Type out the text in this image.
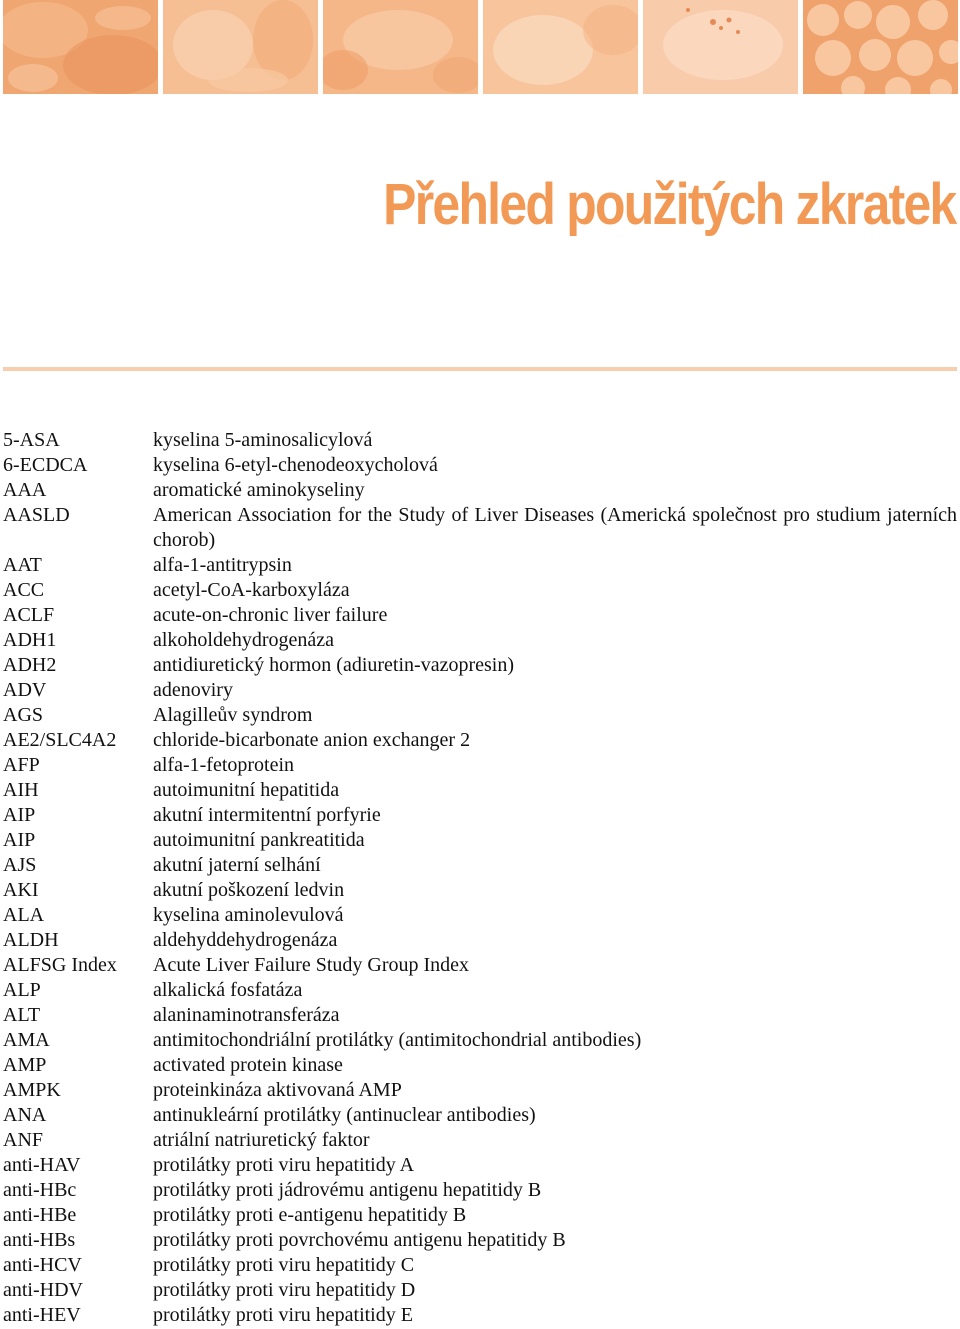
Přehled použitých zkratek
5-ASA	kyselina 5-aminosalicylová
6-ECDCA	kyselina 6-etyl-chenodeoxycholová
AAA	aromatické aminokyseliny
AASLD	American Association for the Study of Liver Diseases (Americká společnost pro studium jaterních chorob)
AAT	alfa-1-antitrypsin
ACC	acetyl-CoA-karboxyláza
ACLF	acute-on-chronic liver failure
ADH1	alkoholdehydrogenáza
ADH2	antidiuretický hormon (adiuretin-vazopresin)
ADV	adenoviry
AGS	Alagilleův syndrom
AE2/SLC4A2	chloride-bicarbonate anion exchanger 2
AFP	alfa-1-fetoprotein
AIH	autoimunitní hepatitida
AIP	akutní intermitentní porfyrie
AIP	autoimunitní pankreatitida
AJS	akutní jaterní selhání
AKI	akutní poškození ledvin
ALA	kyselina aminolevulová
ALDH	aldehyddehydrogenáza
ALFSG Index	Acute Liver Failure Study Group Index
ALP	alkalická fosfatáza
ALT	alaninaminotransferáza
AMA	antimitochondriální protilátky (antimitochondrial antibodies)
AMP	activated protein kinase
AMPK	proteinkináza aktivovaná AMP
ANA	antinukleární protilátky (antinuclear antibodies)
ANF	atriální natriuretický faktor
anti-HAV	protilátky proti viru hepatitidy A
anti-HBc	protilátky proti jádrovému antigenu hepatitidy B
anti-HBe	protilátky proti e-antigenu hepatitidy B
anti-HBs	protilátky proti povrchovému antigenu hepatitidy B
anti-HCV	protilátky proti viru hepatitidy C
anti-HDV	protilátky proti viru hepatitidy D
anti-HEV	protilátky proti viru hepatitidy E
